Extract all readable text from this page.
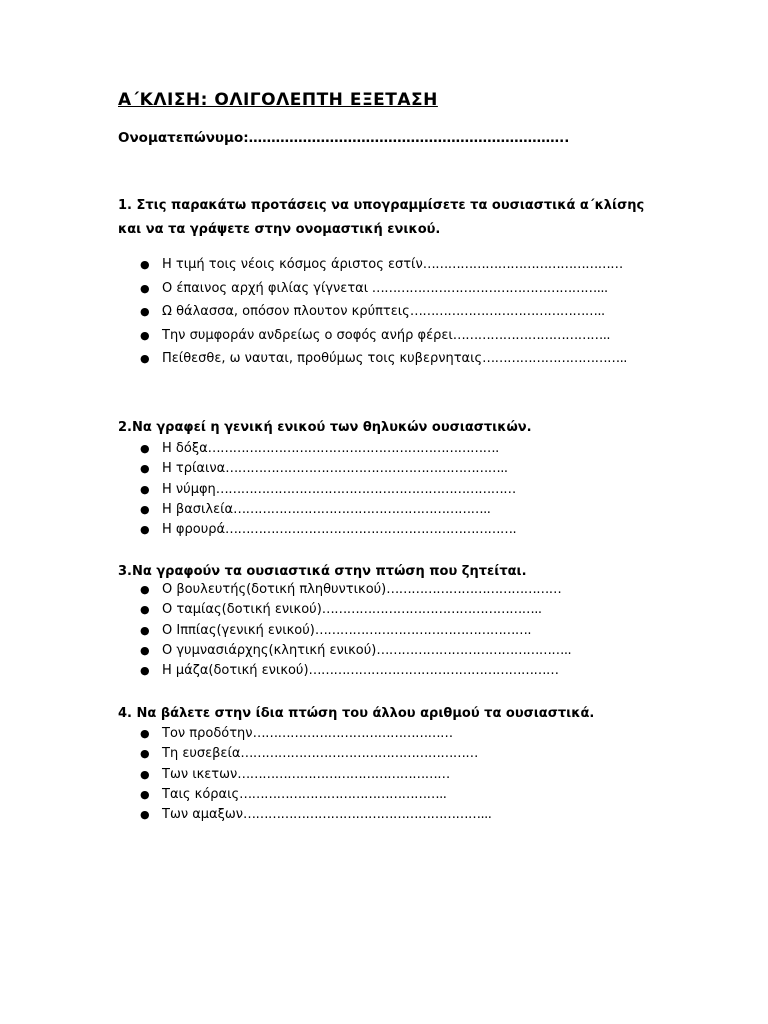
Α΄ΚΛΙΣΗ: ΟΛΙΓΟΛΕΠΤΗ ΕΞΕΤΑΣΗ
Ονοματεπώνυμο:……………………………………………………………..
1. Στις παρακάτω προτάσεις να υπογραμμίσετε τα ουσιαστικά α΄κλίσης
και να τα γράψετε στην ονομαστική ενικού.
● Η τιμή τοις νέοις κόσμος άριστος εστίν…………………………………………
● Ο έπαινος αρχή φιλίας γίγνεται ………………………………………………...
● Ω θάλασσα, οπόσον πλουτον κρύπτεις………………………………………..
● Την συμφοράν ανδρείως ο σοφός ανήρ φέρει………………………………..
● Πείθεσθε, ω ναυται, προθύμως τοις κυβερνηταις……………………………..
2.Να γραφεί η γενική ενικού των θηλυκών ουσιαστικών.
● Η δόξα…………………………………………………………….
● Η τρίαινα…………………………………………………………..
● Η νύμφη………………………………………………………………
● Η βασιλεία……………………………………………………..
● Η φρουρά…………………………………………………………….
3.Να γραφούν τα ουσιαστικά στην πτώση που ζητείται.
● Ο βουλευτής(δοτική πληθυντικού)……………………………………
● Ο ταμίας(δοτική ενικού)……………………………………………..
● Ο Ιππίας(γενική ενικού)…………………………………………….
● Ο γυμνασιάρχης(κλητική ενικού)………………………………………..
● Η μάζα(δοτική ενικού)……………………………………………………
4. Να βάλετε στην ίδια πτώση του άλλου αριθμού τα ουσιαστικά.
● Τον προδότην…………………………………………
● Τη ευσεβεία…………………………………………………
● Των ικετων……………………………………………
● Ταις κόραις…………………………………………..
● Των αμαξων…………………………………………………...
